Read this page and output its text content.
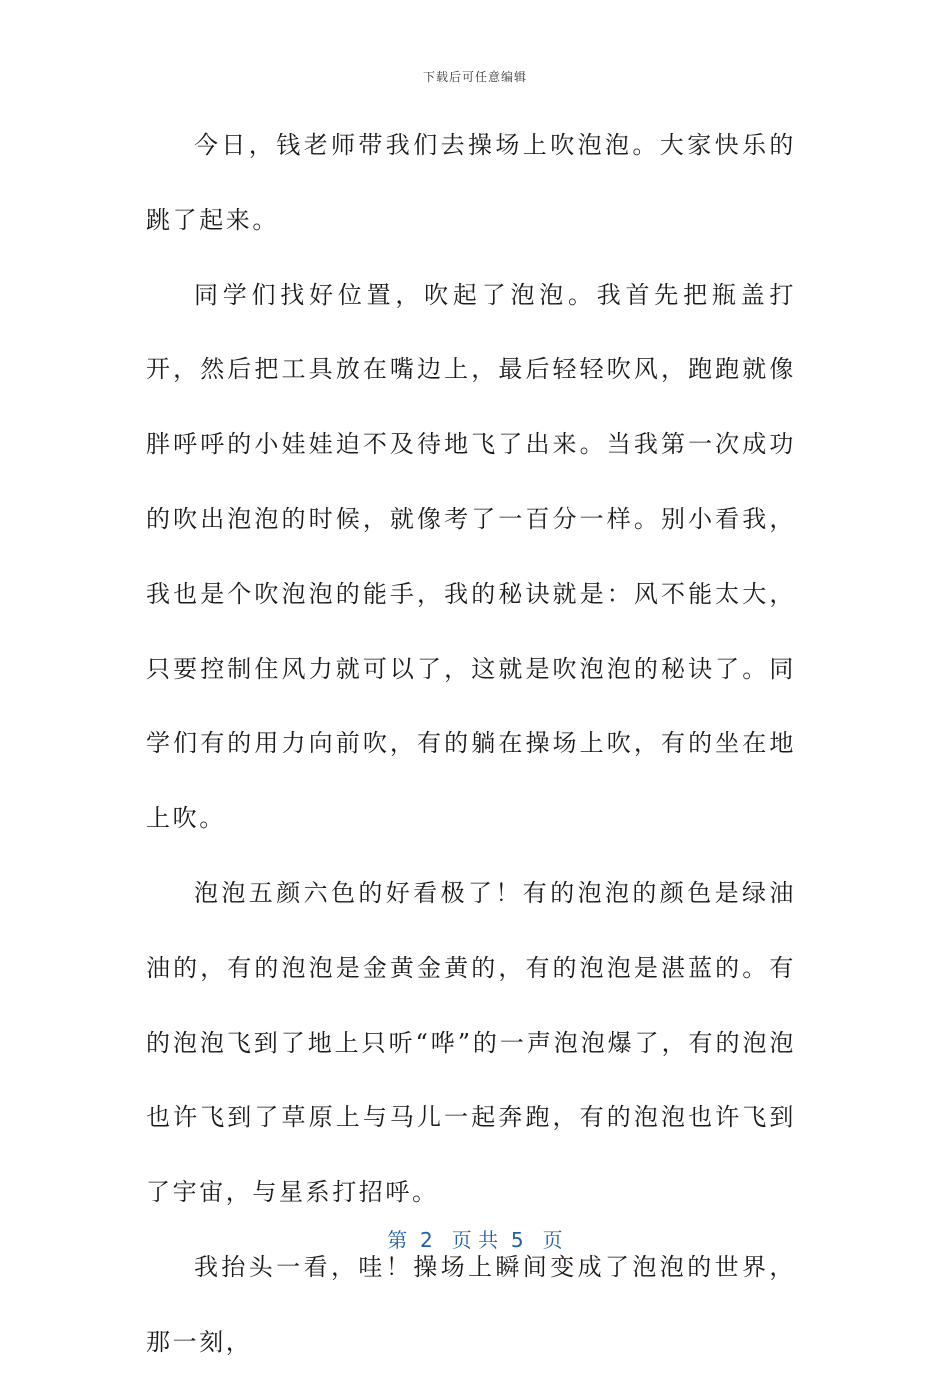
下载后可任意编辑

今日，钱老师带我们去操场上吹泡泡。大家快乐的跳了起来。

同学们找好位置，吹起了泡泡。我首先把瓶盖打开，然后把工具放在嘴边上，最后轻轻吹风，跑跑就像胖呼呼的小娃娃迫不及待地飞了出来。当我第一次成功的吹出泡泡的时候，就像考了一百分一样。别小看我，我也是个吹泡泡的能手，我的秘诀就是：风不能太大，只要控制住风力就可以了，这就是吹泡泡的秘诀了。同学们有的用力向前吹，有的躺在操场上吹，有的坐在地上吹。

泡泡五颜六色的好看极了！有的泡泡的颜色是绿油油的，有的泡泡是金黄金黄的，有的泡泡是湛蓝的。有的泡泡飞到了地上只听“哗”的一声泡泡爆了，有的泡泡也许飞到了草原上与马儿一起奔跑，有的泡泡也许飞到了宇宙，与星系打招呼。

我抬头一看，哇！操场上瞬间变成了泡泡的世界，那一刻，

第  2   页 共  5   页
